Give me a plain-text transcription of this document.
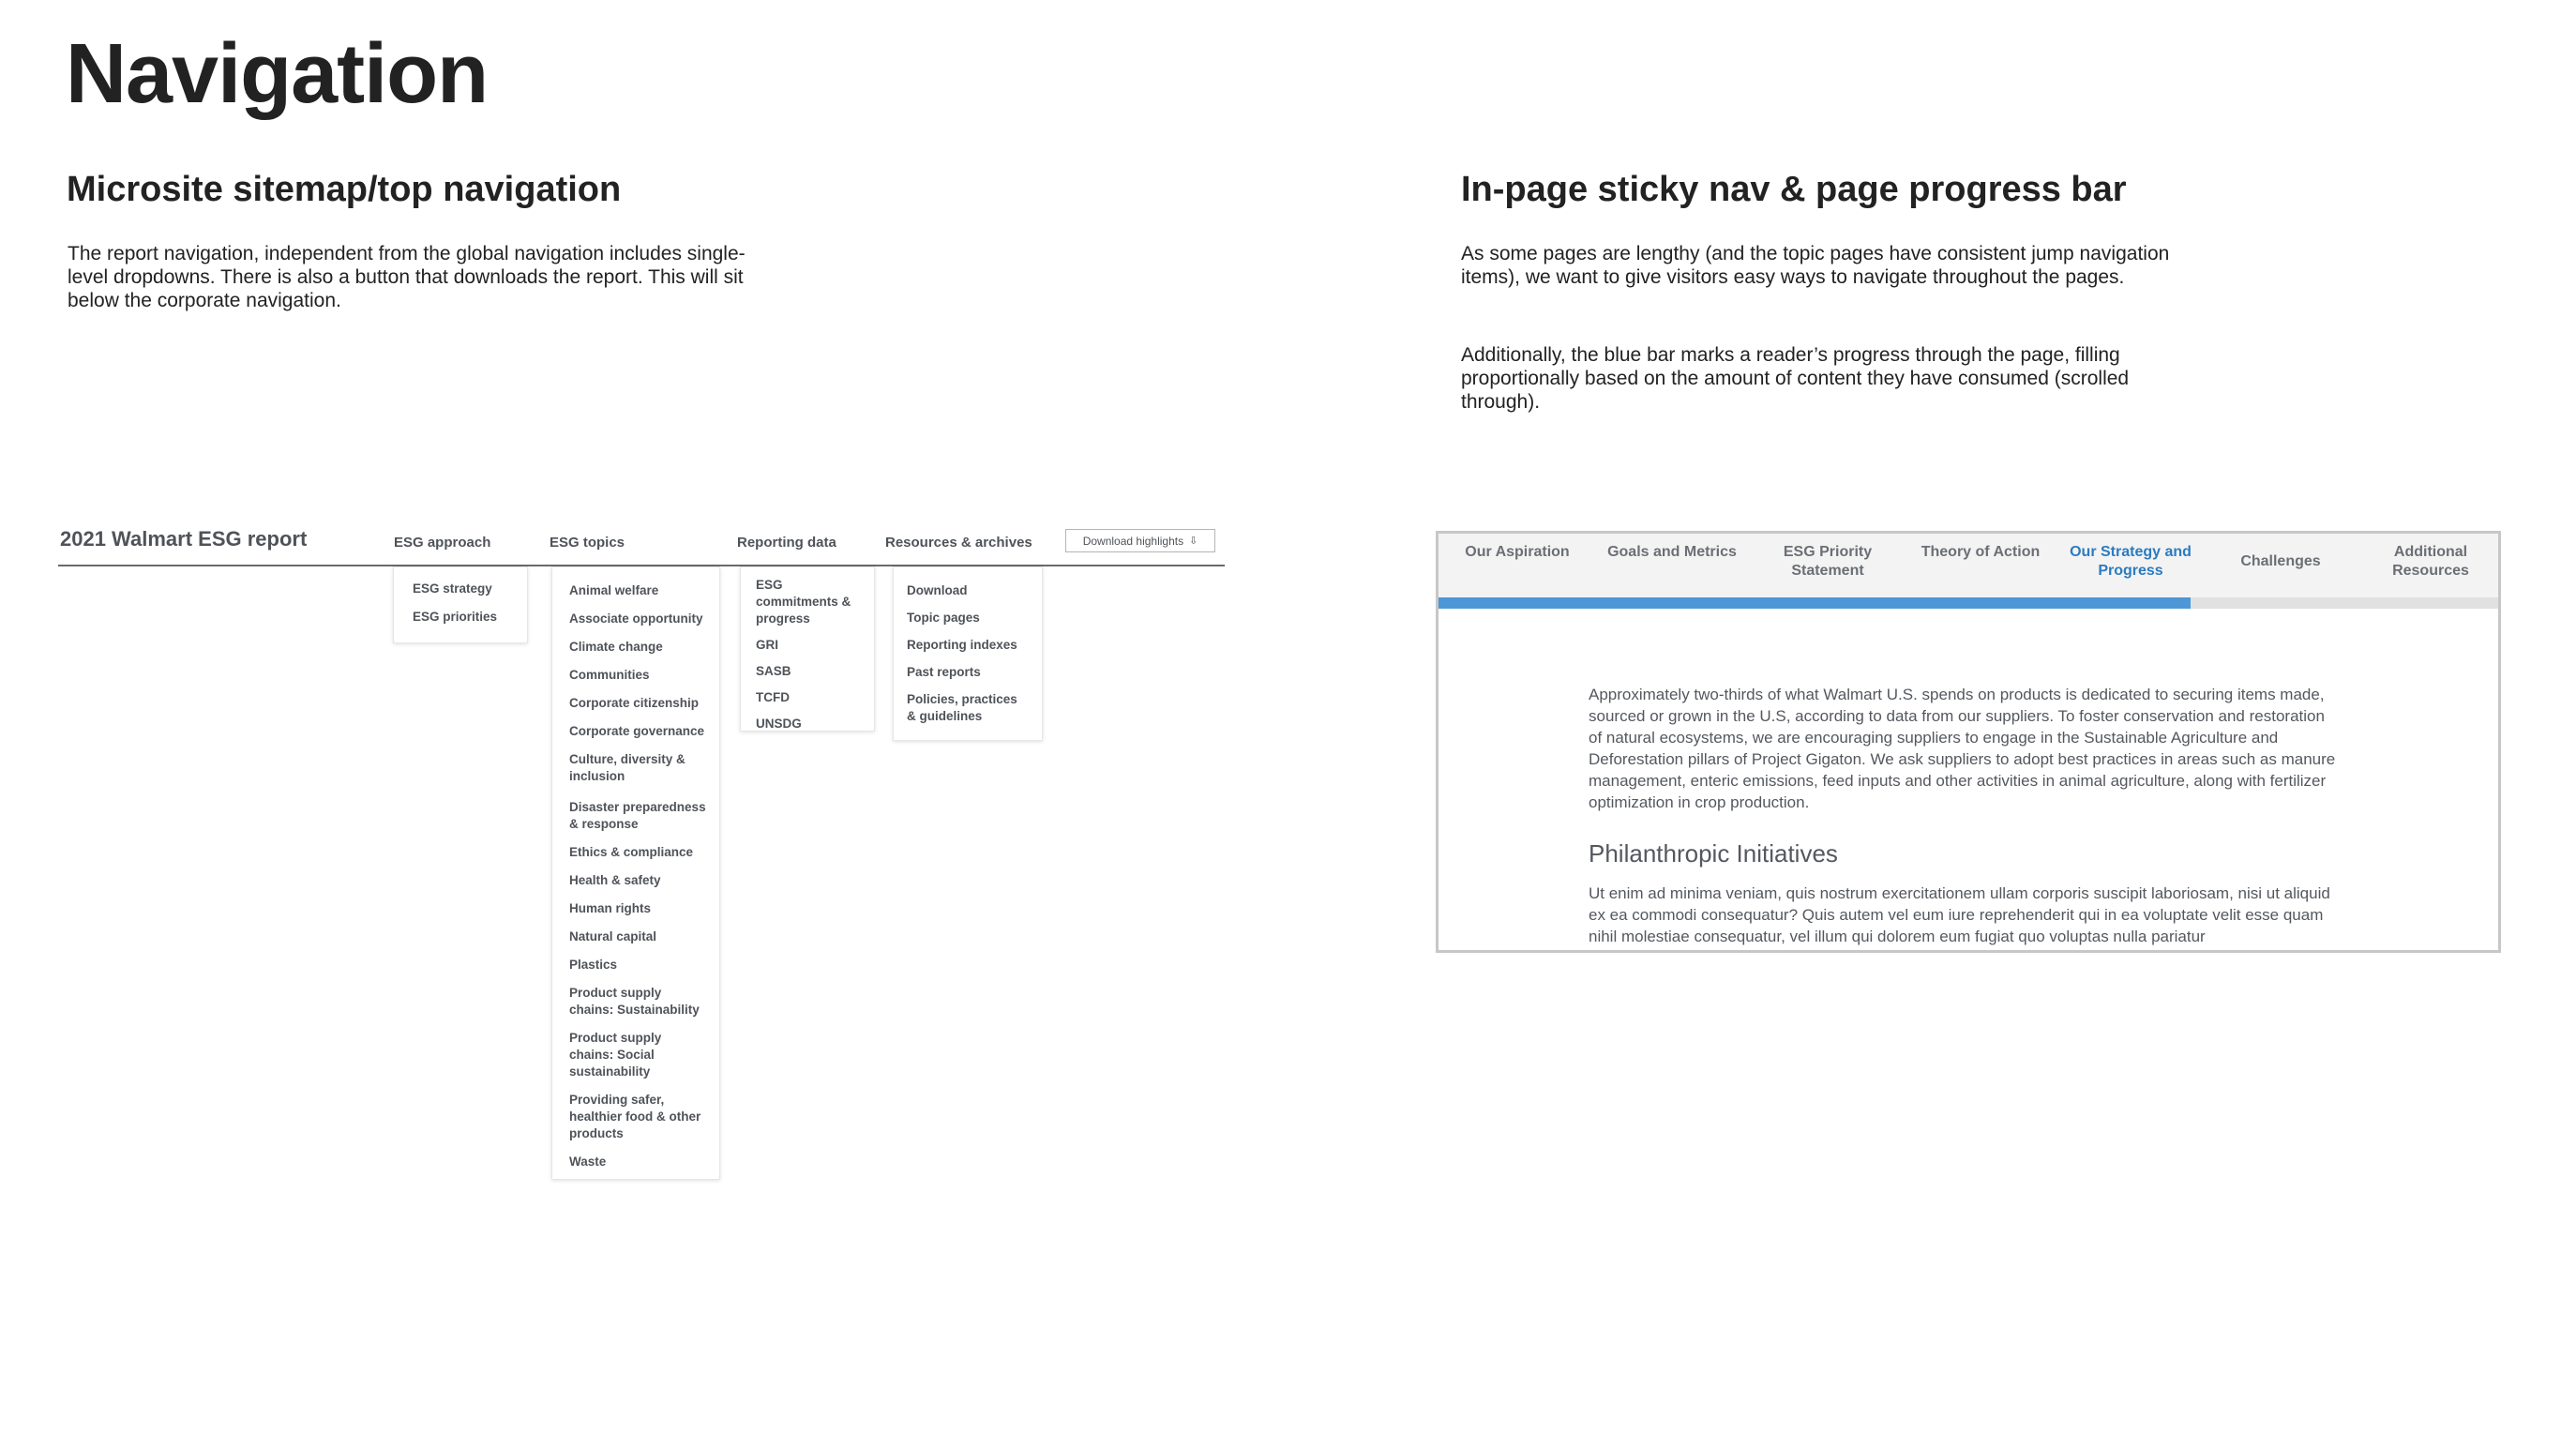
Navigation
Microsite sitemap/top navigation

The report navigation, independent from the global navigation includes single-level dropdowns. There is also a button that downloads the report. This will sit below the corporate navigation.

In-page sticky nav & page progress bar

As some pages are lengthy (and the topic pages have consistent jump navigation items), we want to give visitors easy ways to navigate throughout the pages.

Additionally, the blue bar marks a reader’s progress through the page, filling proportionally based on the amount of content they have consumed (scrolled through).

2021 Walmart ESG report	ESG approach	ESG topics	Reporting data	Resources & archives	Download highlights ⇩
ESG strategy
ESG priorities
Animal welfare
Associate opportunity
Climate change
Communities
Corporate citizenship
Corporate governance
Culture, diversity & inclusion
Disaster preparedness & response
Ethics & compliance
Health & safety
Human rights
Natural capital
Plastics
Product supply chains: Sustainability
Product supply chains: Social sustainability
Providing safer, healthier food & other products
Waste
ESG commitments & progress
GRI
SASB
TCFD
UNSDG
Download
Topic pages
Reporting indexes
Past reports
Policies, practices & guidelines
Our Aspiration	Goals and Metrics	ESG Priority Statement
Theory of Action	Our Strategy and Progress
Challenges
Additional Resources

Approximately two-thirds of what Walmart U.S. spends on products is dedicated to securing items made, sourced or grown in the U.S, according to data from our suppliers. To foster conservation and restoration of natural ecosystems, we are encouraging suppliers to engage in the Sustainable Agriculture and Deforestation pillars of Project Gigaton. We ask suppliers to adopt best practices in areas such as manure management, enteric emissions, feed inputs and other activities in animal agriculture, along with fertilizer optimization in crop production.

Philanthropic Initiatives

Ut enim ad minima veniam, quis nostrum exercitationem ullam corporis suscipit laboriosam, nisi ut aliquid ex ea commodi consequatur? Quis autem vel eum iure reprehenderit qui in ea voluptate velit esse quam nihil molestiae consequatur, vel illum qui dolorem eum fugiat quo voluptas nulla pariatur
